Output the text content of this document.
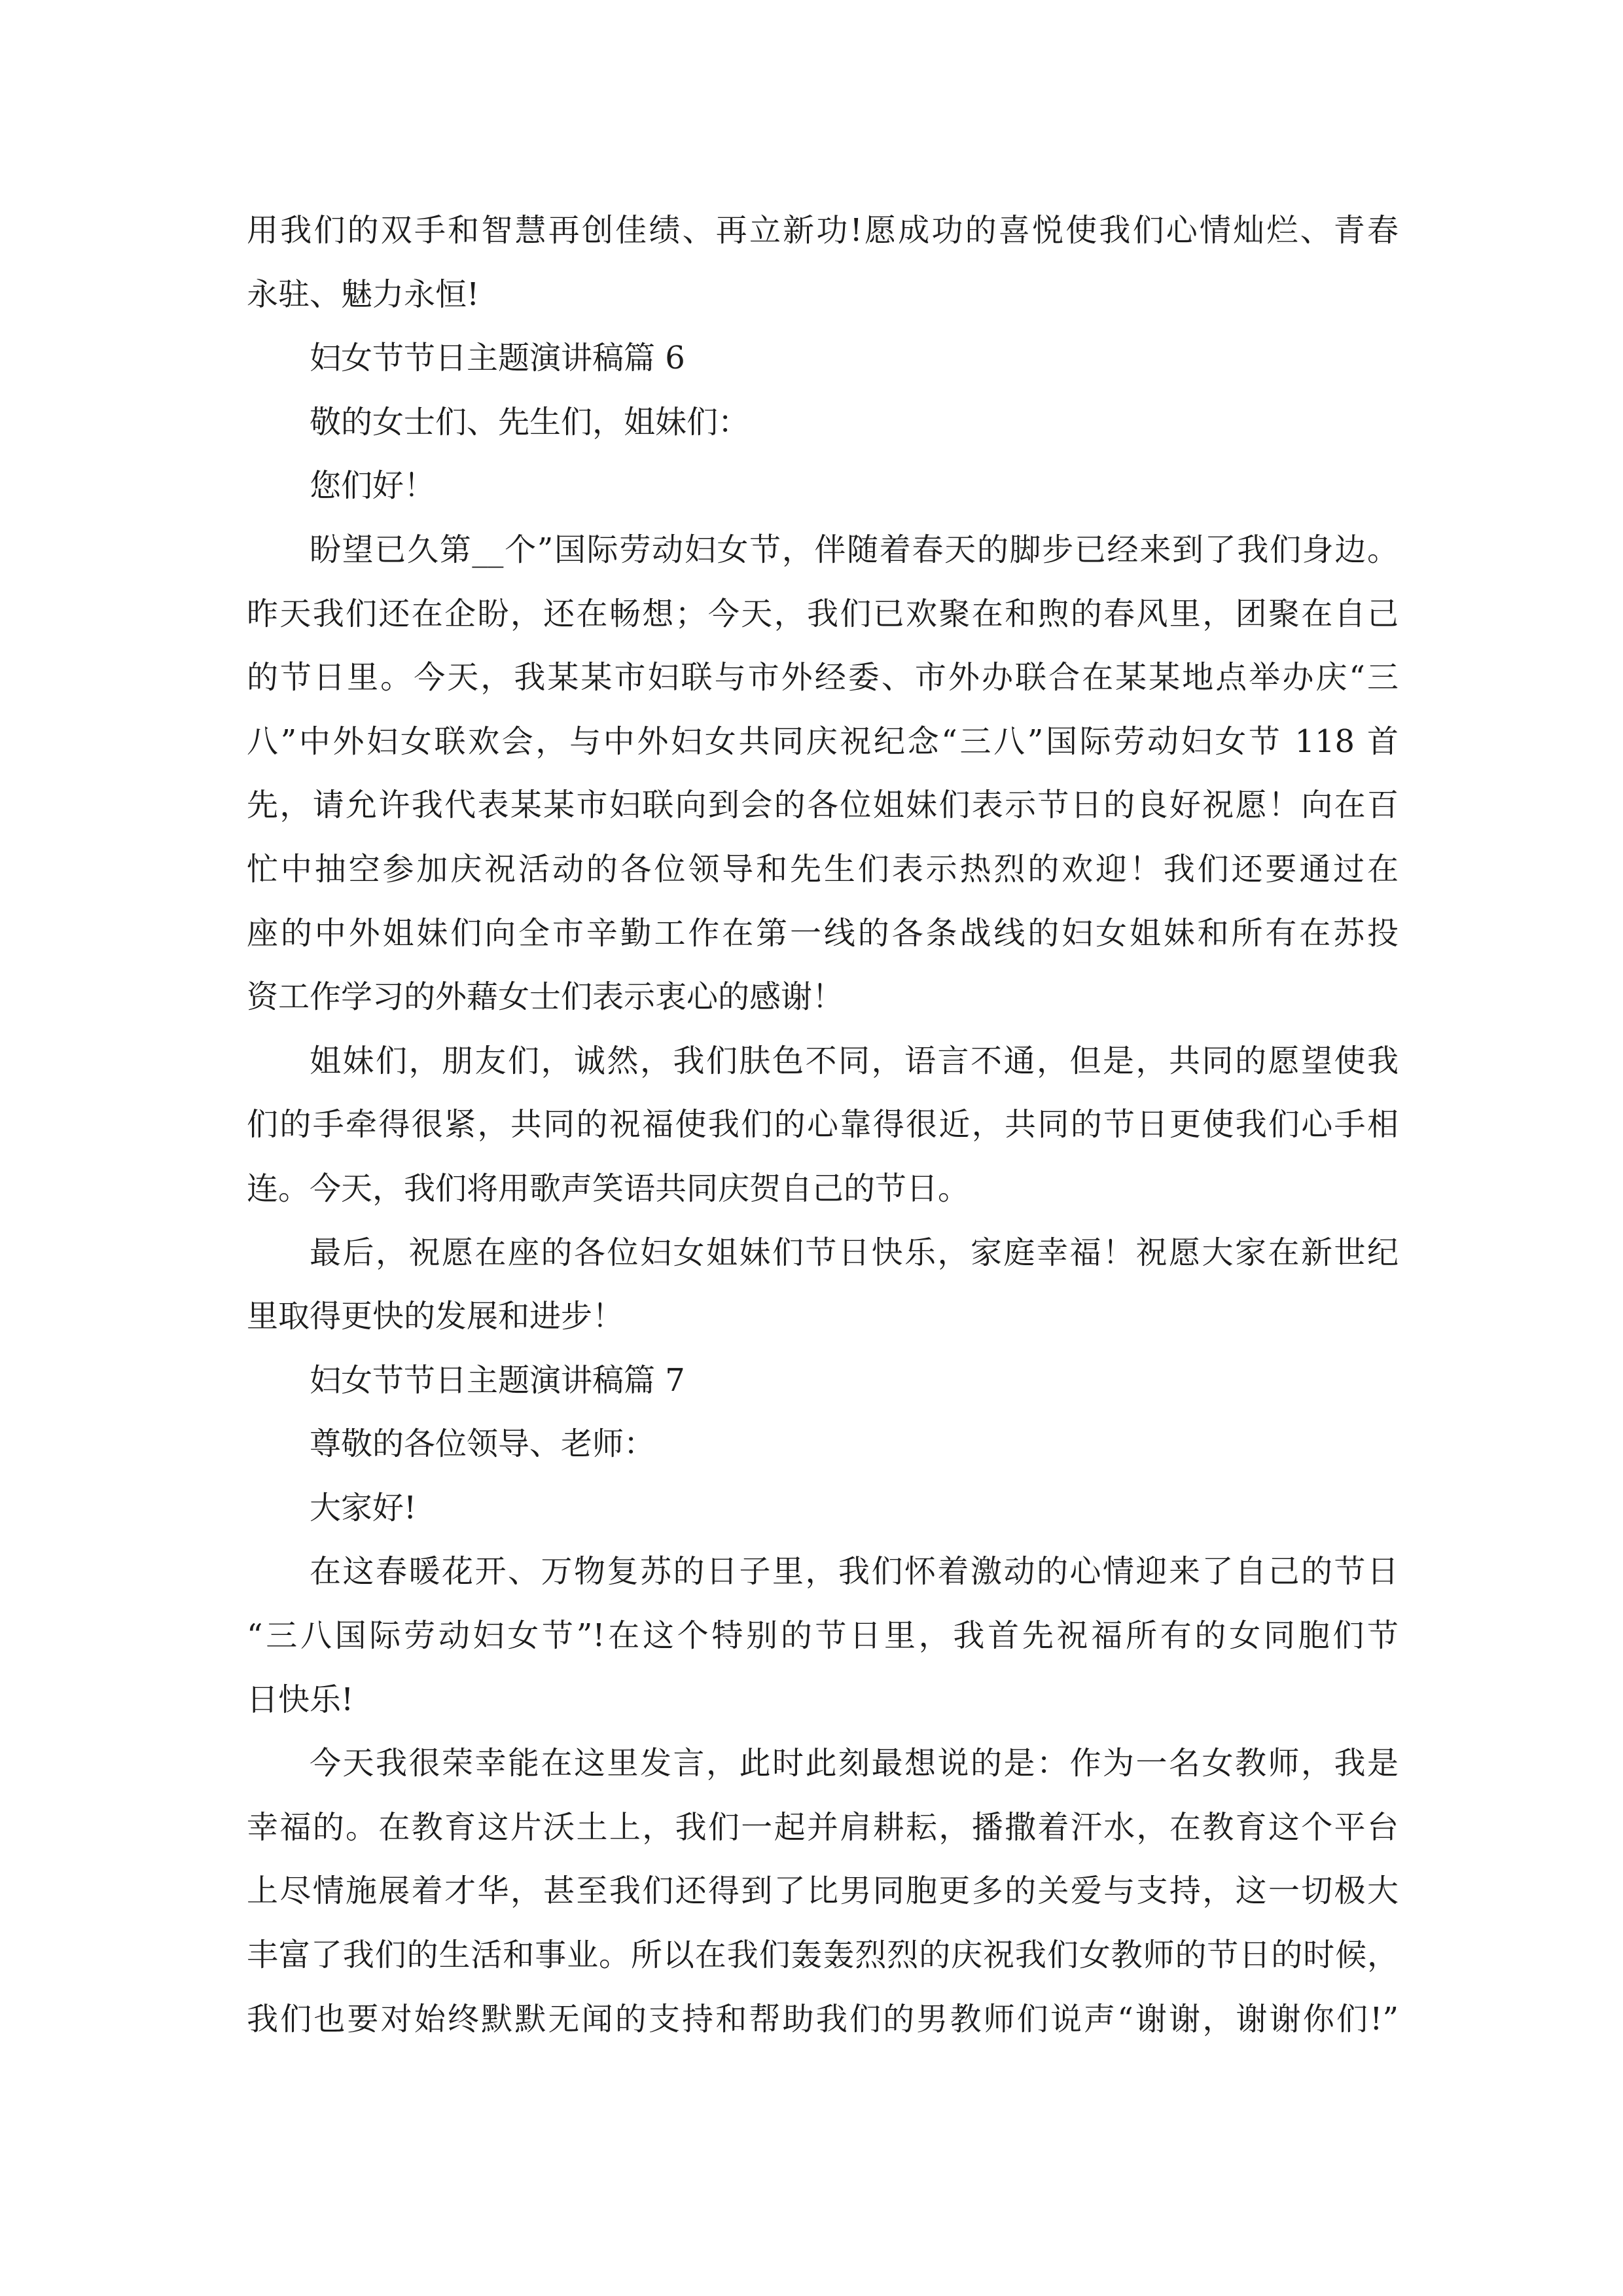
用我们的双手和智慧再创佳绩、再立新功!愿成功的喜悦使我们心情灿烂、青春
永驻、魅力永恒!
妇女节节日主题演讲稿篇 6
敬的女士们、先生们，姐妹们：
您们好！
盼望已久第__个”国际劳动妇女节，伴随着春天的脚步已经来到了我们身边。
昨天我们还在企盼，还在畅想；今天，我们已欢聚在和煦的春风里，团聚在自己
的节日里。今天，我某某市妇联与市外经委、市外办联合在某某地点举办庆“三
八”中外妇女联欢会，与中外妇女共同庆祝纪念“三八”国际劳动妇女节 118 首
先，请允许我代表某某市妇联向到会的各位姐妹们表示节日的良好祝愿！向在百
忙中抽空参加庆祝活动的各位领导和先生们表示热烈的欢迎！我们还要通过在
座的中外姐妹们向全市辛勤工作在第一线的各条战线的妇女姐妹和所有在苏投
资工作学习的外藉女士们表示衷心的感谢！
姐妹们，朋友们，诚然，我们肤色不同，语言不通，但是，共同的愿望使我
们的手牵得很紧，共同的祝福使我们的心靠得很近，共同的节日更使我们心手相
连。今天，我们将用歌声笑语共同庆贺自己的节日。
最后，祝愿在座的各位妇女姐妹们节日快乐，家庭幸福！祝愿大家在新世纪
里取得更快的发展和进步！
妇女节节日主题演讲稿篇 7
尊敬的各位领导、老师：
大家好!
在这春暖花开、万物复苏的日子里，我们怀着激动的心情迎来了自己的节日
“三八国际劳动妇女节”!在这个特别的节日里，我首先祝福所有的女同胞们节
日快乐!
今天我很荣幸能在这里发言，此时此刻最想说的是：作为一名女教师，我是
幸福的。在教育这片沃土上，我们一起并肩耕耘，播撒着汗水，在教育这个平台
上尽情施展着才华，甚至我们还得到了比男同胞更多的关爱与支持，这一切极大
丰富了我们的生活和事业。所以在我们轰轰烈烈的庆祝我们女教师的节日的时候，
我们也要对始终默默无闻的支持和帮助我们的男教师们说声“谢谢，谢谢你们!”
